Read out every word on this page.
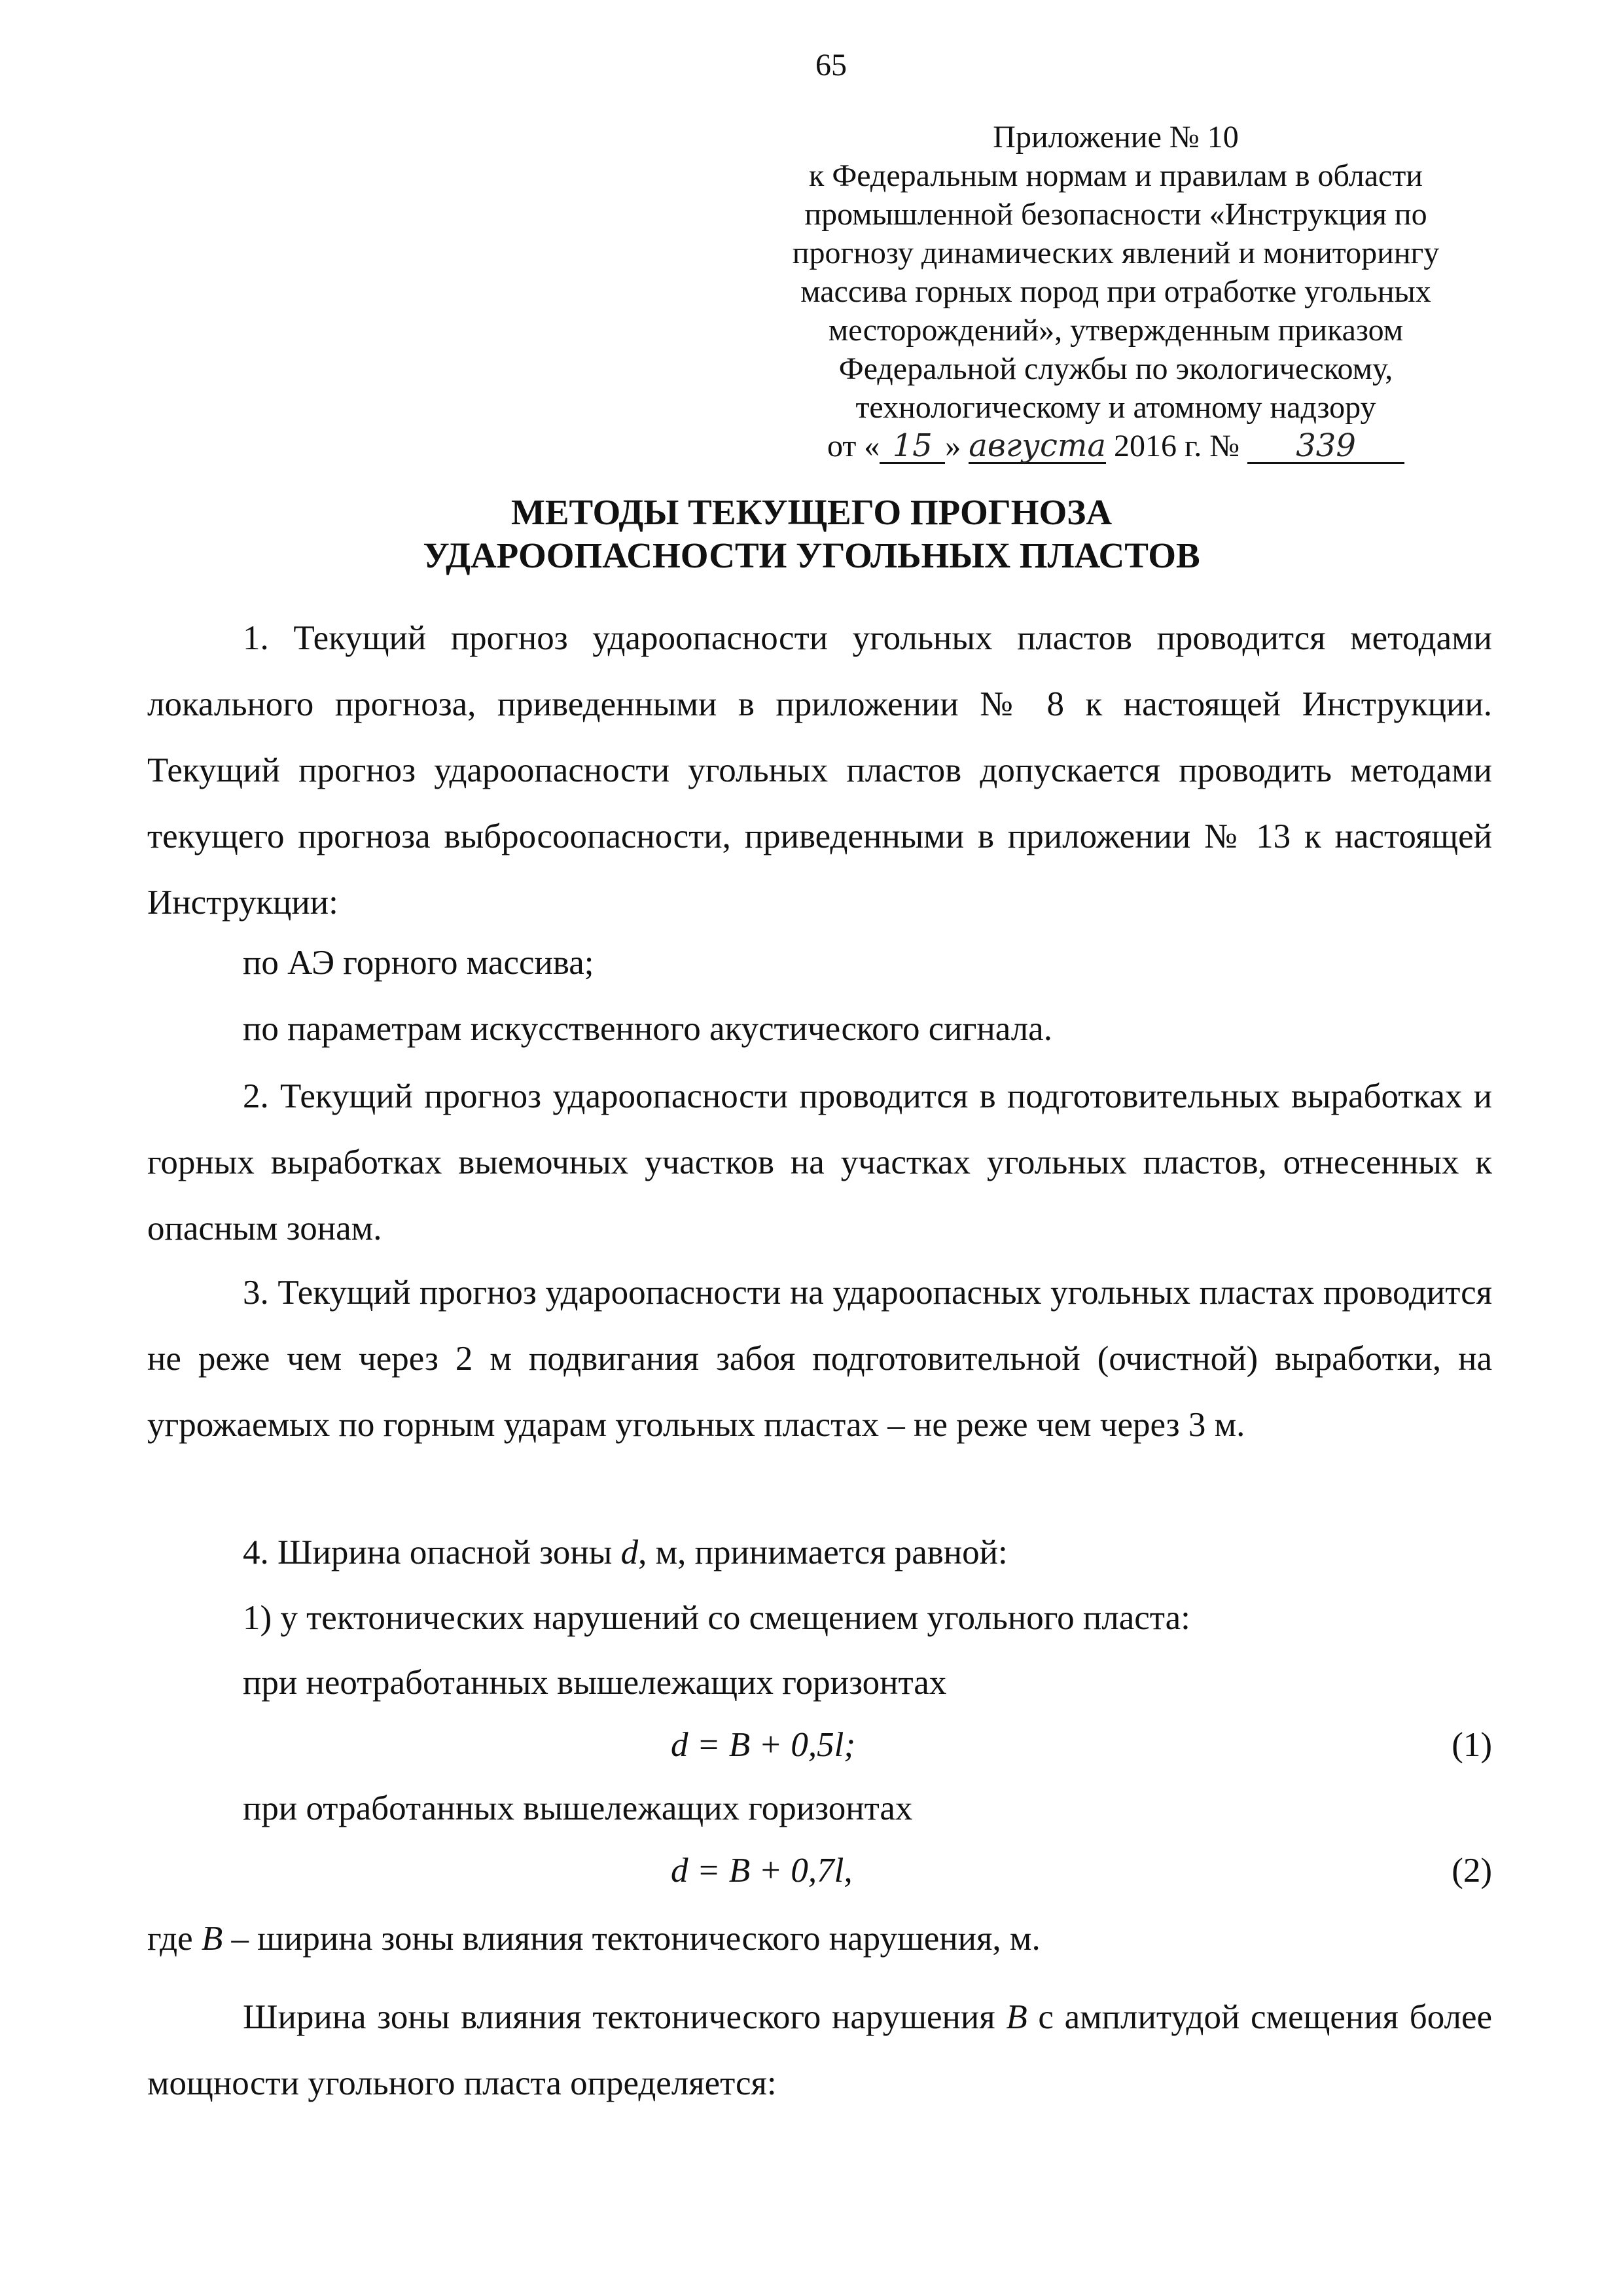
65
Приложение № 10
к Федеральным нормам и правилам в области
промышленной безопасности «Инструкция по
прогнозу динамических явлений и мониторингу
массива горных пород при отработке угольных
месторождений», утвержденным приказом
Федеральной службы по экологическому,
технологическому и атомному надзору
от « 15 » августа 2016 г. № 339
МЕТОДЫ ТЕКУЩЕГО ПРОГНОЗА
УДАРООПАСНОСТИ УГОЛЬНЫХ ПЛАСТОВ

1. Текущий прогноз удароопасности угольных пластов проводится методами локального прогноза, приведенными в приложении № 8 к настоящей Инструкции. Текущий прогноз удароопасности угольных пластов допускается проводить методами текущего прогноза выбросоопасности, приведенными в приложении № 13 к настоящей Инструкции:

по АЭ горного массива;

по параметрам искусственного акустического сигнала.

2. Текущий прогноз удароопасности проводится в подготовительных выработках и горных выработках выемочных участков на участках угольных пластов, отнесенных к опасным зонам.

3. Текущий прогноз удароопасности на удароопасных угольных пластах проводится не реже чем через 2 м подвигания забоя подготовительной (очистной) выработки, на угрожаемых по горным ударам угольных пластах – не реже чем через 3 м.

4. Ширина опасной зоны d, м, принимается равной:

1) у тектонических нарушений со смещением угольного пласта:

при неотработанных вышележащих горизонтах

d = B + 0,5l;	(1)

при отработанных вышележащих горизонтах

d = B + 0,7l,	(2)

где B – ширина зоны влияния тектонического нарушения, м.

Ширина зоны влияния тектонического нарушения B с амплитудой смещения более мощности угольного пласта определяется:
